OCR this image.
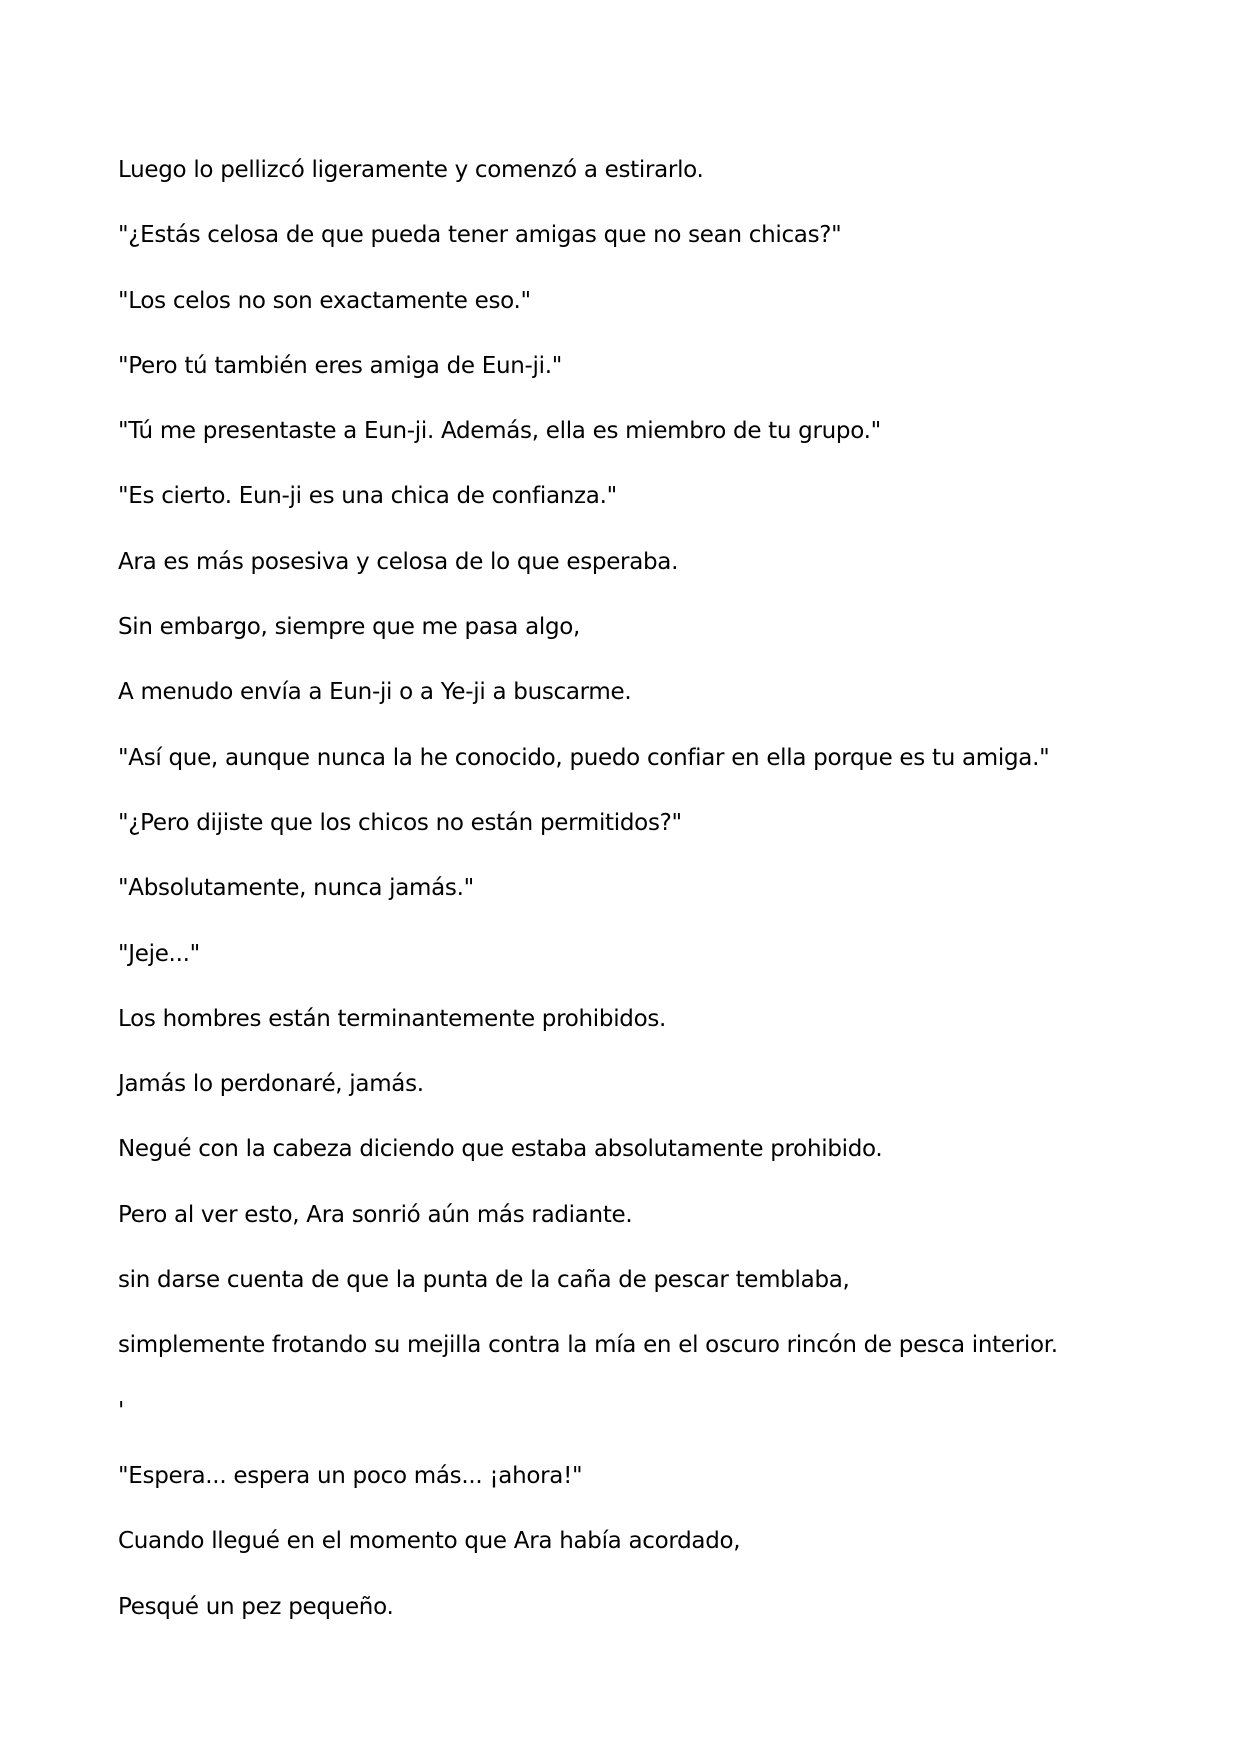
Luego lo pellizcó ligeramente y comenzó a estirarlo.
"¿Estás celosa de que pueda tener amigas que no sean chicas?"
"Los celos no son exactamente eso."
"Pero tú también eres amiga de Eun-ji."
"Tú me presentaste a Eun-ji. Además, ella es miembro de tu grupo."
"Es cierto. Eun-ji es una chica de confianza."
Ara es más posesiva y celosa de lo que esperaba.
Sin embargo, siempre que me pasa algo,
A menudo envía a Eun-ji o a Ye-ji a buscarme.
"Así que, aunque nunca la he conocido, puedo confiar en ella porque es tu amiga."
"¿Pero dijiste que los chicos no están permitidos?"
"Absolutamente, nunca jamás."
"Jeje..."
Los hombres están terminantemente prohibidos.
Jamás lo perdonaré, jamás.
Negué con la cabeza diciendo que estaba absolutamente prohibido.
Pero al ver esto, Ara sonrió aún más radiante.
sin darse cuenta de que la punta de la caña de pescar temblaba,
simplemente frotando su mejilla contra la mía en el oscuro rincón de pesca interior.
'
"Espera... espera un poco más... ¡ahora!"
Cuando llegué en el momento que Ara había acordado,
Pesqué un pez pequeño.
